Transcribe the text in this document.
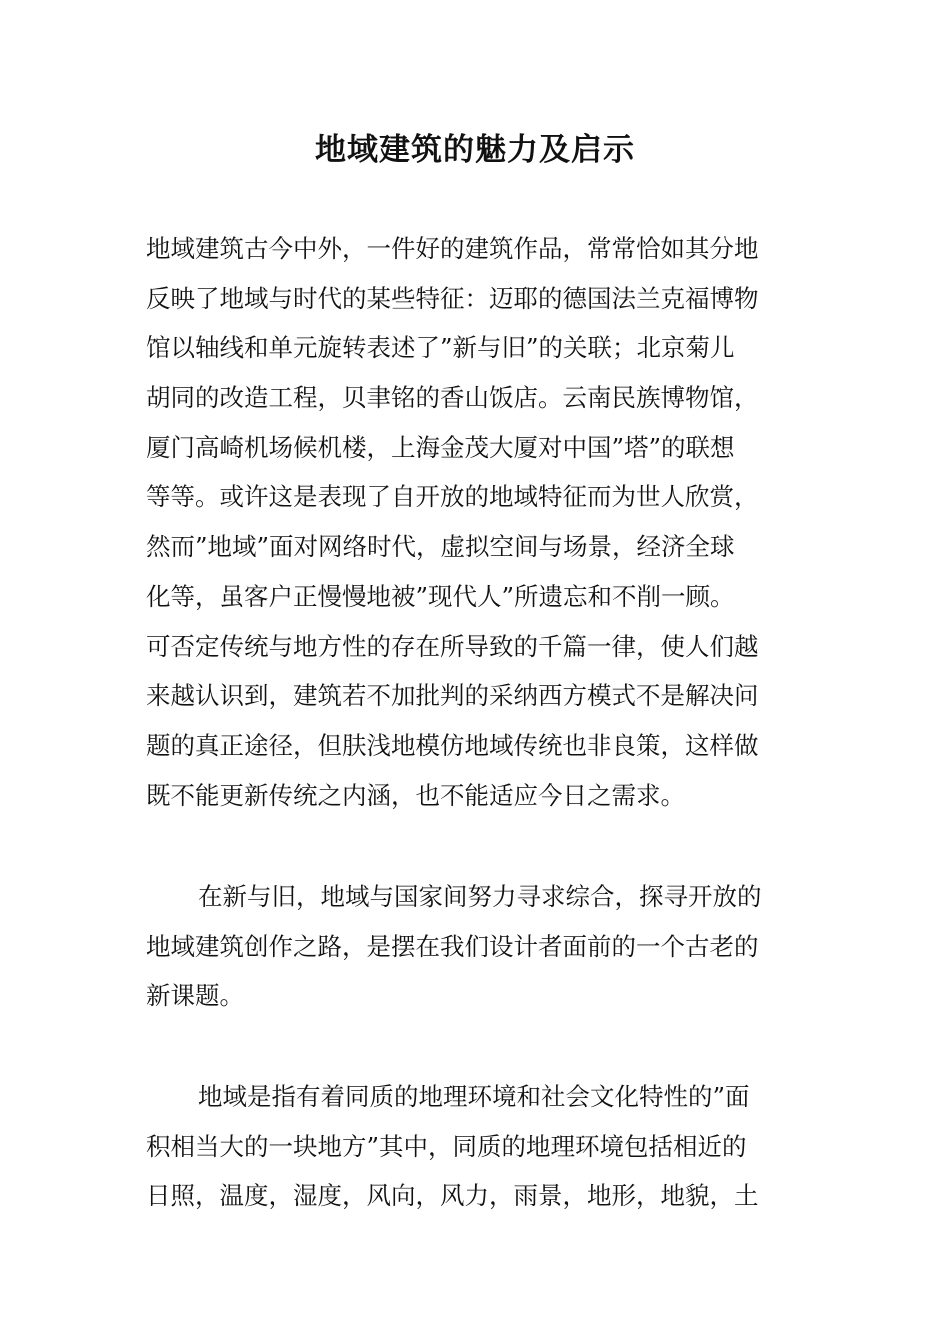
地域建筑的魅力及启示
地域建筑古今中外，一件好的建筑作品，常常恰如其分地
反映了地域与时代的某些特征：迈耶的德国法兰克福博物
馆以轴线和单元旋转表述了”新与旧”的关联；北京菊儿
胡同的改造工程，贝聿铭的香山饭店。云南民族博物馆，
厦门高崎机场候机楼，上海金茂大厦对中国”塔”的联想
等等。或许这是表现了自开放的地域特征而为世人欣赏，
然而”地域”面对网络时代，虚拟空间与场景，经济全球
化等，虽客户正慢慢地被”现代人”所遗忘和不削一顾。
可否定传统与地方性的存在所导致的千篇一律，使人们越
来越认识到，建筑若不加批判的采纳西方模式不是解决问
题的真正途径，但肤浅地模仿地域传统也非良策，这样做
既不能更新传统之内涵，也不能适应今日之需求。
在新与旧，地域与国家间努力寻求综合，探寻开放的
地域建筑创作之路，是摆在我们设计者面前的一个古老的
新课题。
地域是指有着同质的地理环境和社会文化特性的”面
积相当大的一块地方”其中，同质的地理环境包括相近的
日照，温度，湿度，风向，风力，雨景，地形，地貌，土
